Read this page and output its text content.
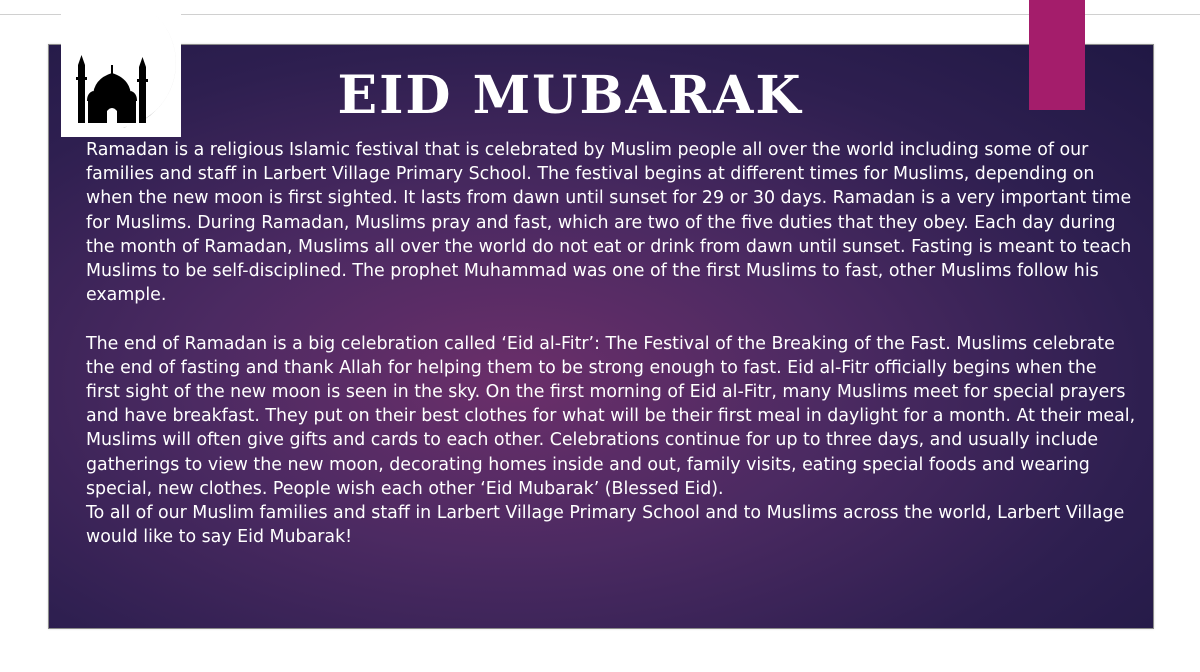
EID MUBARAK

Ramadan is a religious Islamic festival that is celebrated by Muslim people all over the world including some of our families and staff in Larbert Village Primary School. The festival begins at different times for Muslims, depending on when the new moon is first sighted. It lasts from dawn until sunset for 29 or 30 days. Ramadan is a very important time for Muslims. During Ramadan, Muslims pray and fast, which are two of the five duties that they obey. Each day during the month of Ramadan, Muslims all over the world do not eat or drink from dawn until sunset. Fasting is meant to teach Muslims to be self-disciplined. The prophet Muhammad was one of the first Muslims to fast, other Muslims follow his example.

The end of Ramadan is a big celebration called ‘Eid al-Fitr’: The Festival of the Breaking of the Fast. Muslims celebrate the end of fasting and thank Allah for helping them to be strong enough to fast. Eid al-Fitr officially begins when the first sight of the new moon is seen in the sky. On the first morning of Eid al-Fitr, many Muslims meet for special prayers and have breakfast. They put on their best clothes for what will be their first meal in daylight for a month. At their meal, Muslims will often give gifts and cards to each other. Celebrations continue for up to three days, and usually include gatherings to view the new moon, decorating homes inside and out, family visits, eating special foods and wearing special, new clothes. People wish each other ‘Eid Mubarak’ (Blessed Eid).

To all of our Muslim families and staff in Larbert Village Primary School and to Muslims across the world, Larbert Village would like to say Eid Mubarak!
